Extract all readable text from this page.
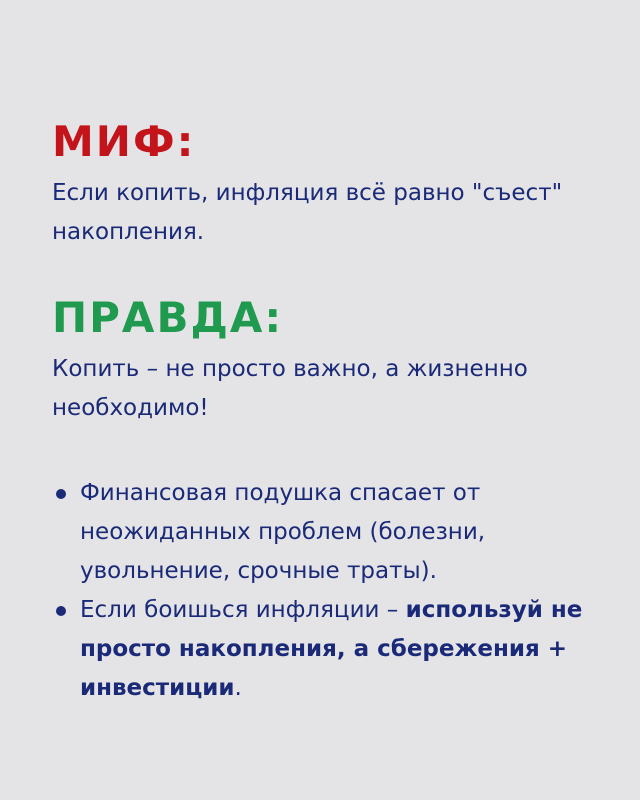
МИФ:

Если копить, инфляция всё равно "съест" накопления.

ПРАВДА:

Копить – не просто важно, а жизненно необходимо!

Финансовая подушка спасает от неожиданных проблем (болезни, увольнение, срочные траты).
Если боишься инфляции – используй не просто накопления, а сбережения + инвестиции.
